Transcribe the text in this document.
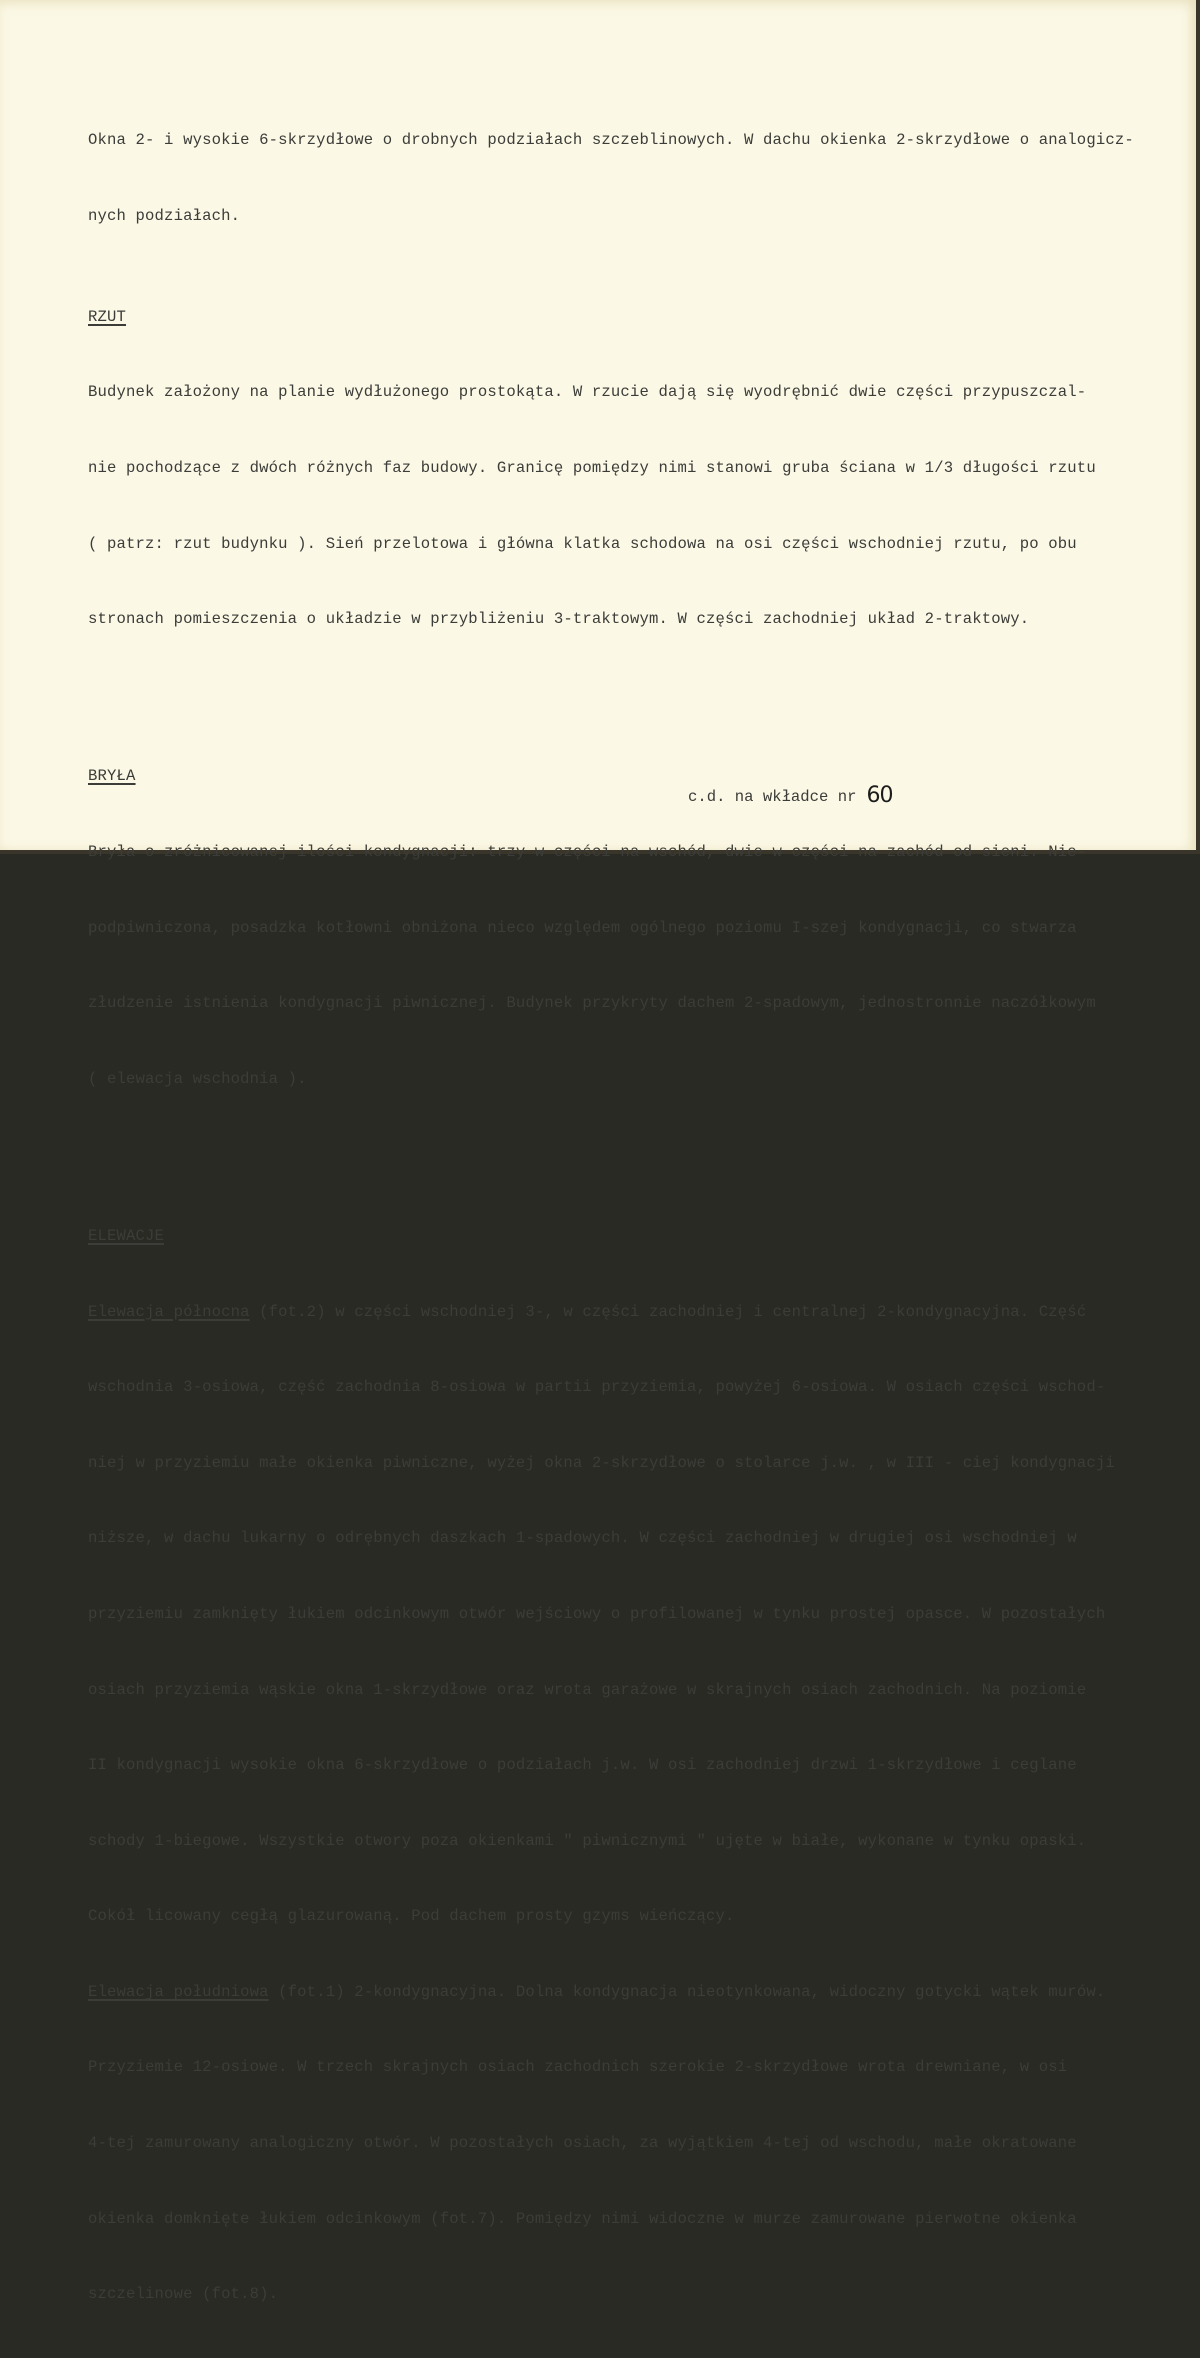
Okna 2- i wysokie 6-skrzydłowe o drobnych podziałach szczeblinowych. W dachu okienka 2-skrzydłowe o analogicz-

nych podziałach.

RZUT

Budynek założony na planie wydłużonego prostokąta. W rzucie dają się wyodrębnić dwie części przypuszczal-

nie pochodzące z dwóch różnych faz budowy. Granicę pomiędzy nimi stanowi gruba ściana w 1/3 długości rzutu

( patrz: rzut budynku ). Sień przelotowa i główna klatka schodowa na osi części wschodniej rzutu, po obu

stronach pomieszczenia o układzie w przybliżeniu 3-traktowym. W części zachodniej układ 2-traktowy.

BRYŁA

Bryła o zróżnicowanej ilości kondygnacji: trzy w części na wschód, dwie w części na zachód od sieni. Nie-

podpiwniczona, posadzka kotłowni obniżona nieco względem ogólnego poziomu I-szej kondygnacji, co stwarza

złudzenie istnienia kondygnacji piwnicznej. Budynek przykryty dachem 2-spadowym, jednostronnie naczółkowym

( elewacja wschodnia ).

ELEWACJE

Elewacja północna (fot.2) w części wschodniej 3-, w części zachodniej i centralnej 2-kondygnacyjna. Część

wschodnia 3-osiowa, część zachodnia 8-osiowa w partii przyziemia, powyżej 6-osiowa. W osiach części wschod-

niej w przyziemiu małe okienka piwniczne, wyżej okna 2-skrzydłowe o stolarce j.w. , w III - ciej kondygnacji

niższe, w dachu lukarny o odrębnych daszkach 1-spadowych. W części zachodniej w drugiej osi wschodniej w

przyziemiu zamknięty łukiem odcinkowym otwór wejściowy o profilowanej w tynku prostej opasce. W pozostałych

osiach przyziemia wąskie okna 1-skrzydłowe oraz wrota garażowe w skrajnych osiach zachodnich. Na poziomie

II kondygnacji wysokie okna 6-skrzydłowe o podziałach j.w. W osi zachodniej drzwi 1-skrzydłowe i ceglane

schody 1-biegowe. Wszystkie otwory poza okienkami " piwnicznymi " ujęte w białe, wykonane w tynku opaski.

Cokół licowany cegłą glazurowaną. Pod dachem prosty gzyms wieńczący.

Elewacja południowa (fot.1) 2-kondygnacyjna. Dolna kondygnacja nieotynkowana, widoczny gotycki wątek murów.

Przyziemie 12-osiowe. W trzech skrajnych osiach zachodnich szerokie 2-skrzydłowe wrota drewniane, w osi

4-tej zamurowany analogiczny otwór. W pozostałych osiach, za wyjątkiem 4-tej od wschodu, małe okratowane

okienka domknięte łukiem odcinkowym (fot.7). Pomiędzy nimi widoczne w murze zamurowane pierwotne okienka

szczelinowe (fot.8).

c.d. na wkładce nr 60
